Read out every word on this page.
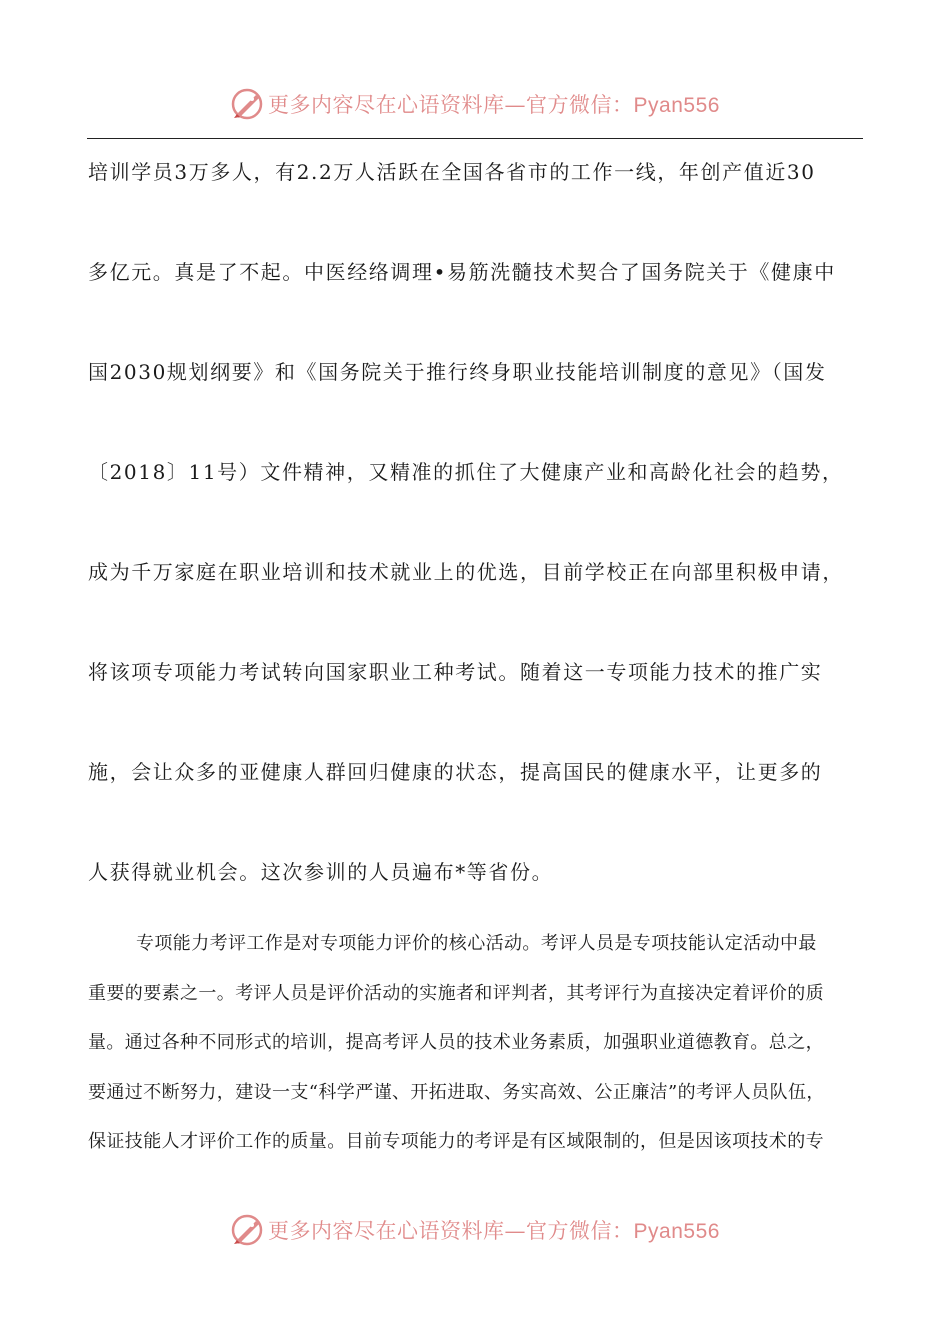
更多内容尽在心语资料库—官方微信：Pyan556
培训学员3万多人，有2.2万人活跃在全国各省市的工作一线，年创产值近30
多亿元。真是了不起。中医经络调理•易筋洗髓技术契合了国务院关于《健康中
国2030规划纲要》和《国务院关于推行终身职业技能培训制度的意见》（国发
〔2018〕11号）文件精神，又精准的抓住了大健康产业和高龄化社会的趋势，
成为千万家庭在职业培训和技术就业上的优选，目前学校正在向部里积极申请，
将该项专项能力考试转向国家职业工种考试。随着这一专项能力技术的推广实
施，会让众多的亚健康人群回归健康的状态，提高国民的健康水平，让更多的
人获得就业机会。这次参训的人员遍布*等省份。
专项能力考评工作是对专项能力评价的核心活动。考评人员是专项技能认定活动中最
重要的要素之一。考评人员是评价活动的实施者和评判者，其考评行为直接决定着评价的质
量。通过各种不同形式的培训，提高考评人员的技术业务素质，加强职业道德教育。总之，
要通过不断努力，建设一支“科学严谨、开拓进取、务实高效、公正廉洁”的考评人员队伍，
保证技能人才评价工作的质量。目前专项能力的考评是有区域限制的，但是因该项技术的专
更多内容尽在心语资料库—官方微信：Pyan556
